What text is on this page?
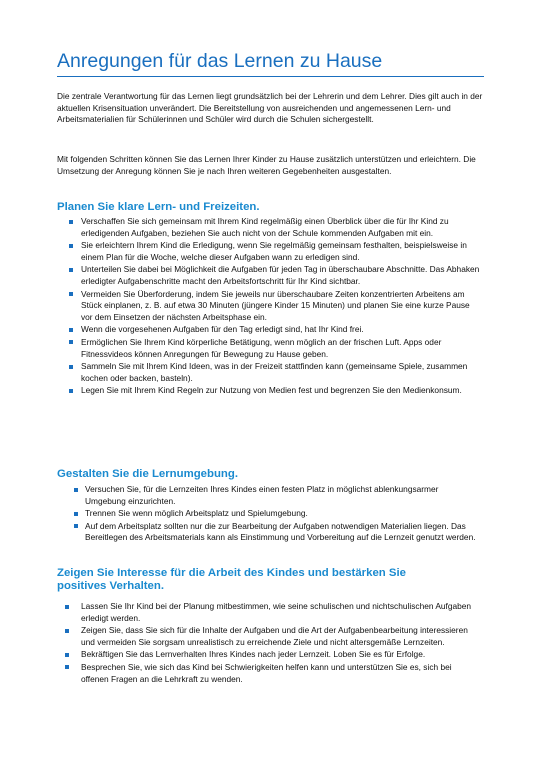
Anregungen für das Lernen zu Hause

Die zentrale Verantwortung für das Lernen liegt grundsätzlich bei der Lehrerin und dem Lehrer. Dies gilt auch in der aktuellen Krisensituation unverändert. Die Bereitstellung von ausreichenden und angemessenen Lern- und Arbeitsmaterialien für Schülerinnen und Schüler wird durch die Schulen sichergestellt.

Mit folgenden Schritten können Sie das Lernen Ihrer Kinder zu Hause zusätzlich unterstützen und erleichtern. Die Umsetzung der Anregung können Sie je nach Ihren weiteren Gegebenheiten ausgestalten.

Planen Sie klare Lern- und Freizeiten.
Verschaffen Sie sich gemeinsam mit Ihrem Kind regelmäßig einen Überblick über die für Ihr Kind zu erledigenden Aufgaben, beziehen Sie auch nicht von der Schule kommenden Aufgaben mit ein.
Sie erleichtern Ihrem Kind die Erledigung, wenn Sie regelmäßig gemeinsam festhalten, beispielsweise in einem Plan für die Woche, welche dieser Aufgaben wann zu erledigen sind.
Unterteilen Sie dabei bei Möglichkeit die Aufgaben für jeden Tag in überschaubare Abschnitte. Das Abhaken erledigter Aufgabenschritte macht den Arbeitsfortschritt für Ihr Kind sichtbar.
Vermeiden Sie Überforderung, indem Sie jeweils nur überschaubare Zeiten konzentrierten Arbeitens am Stück einplanen, z. B. auf etwa 30 Minuten (jüngere Kinder 15 Minuten) und planen Sie eine kurze Pause vor dem Einsetzen der nächsten Arbeitsphase ein.
Wenn die vorgesehenen Aufgaben für den Tag erledigt sind, hat Ihr Kind frei.
Ermöglichen Sie Ihrem Kind körperliche Betätigung, wenn möglich an der frischen Luft. Apps oder Fitnessvideos können Anregungen für Bewegung zu Hause geben.
Sammeln Sie mit Ihrem Kind Ideen, was in der Freizeit stattfinden kann (gemeinsame Spiele, zusammen kochen oder backen, basteln).
Legen Sie mit Ihrem Kind Regeln zur Nutzung von Medien fest und begrenzen Sie den Medienkonsum.
Gestalten Sie die Lernumgebung.
Versuchen Sie, für die Lernzeiten Ihres Kindes einen festen Platz in möglichst ablenkungsarmer Umgebung einzurichten.
Trennen Sie wenn möglich Arbeitsplatz und Spielumgebung.
Auf dem Arbeitsplatz sollten nur die zur Bearbeitung der Aufgaben notwendigen Materialien liegen. Das Bereitlegen des Arbeitsmaterials kann als Einstimmung und Vorbereitung auf die Lernzeit genutzt werden.
Zeigen Sie Interesse für die Arbeit des Kindes und bestärken Sie positives Verhalten.
Lassen Sie Ihr Kind bei der Planung mitbestimmen, wie seine schulischen und nichtschulischen Aufgaben erledigt werden.
Zeigen Sie, dass Sie sich für die Inhalte der Aufgaben und die Art der Aufgabenbearbeitung interessieren und vermeiden Sie sorgsam unrealistisch zu erreichende Ziele und nicht altersgemäße Lernzeiten.
Bekräftigen Sie das Lernverhalten Ihres Kindes nach jeder Lernzeit. Loben Sie es für Erfolge.
Besprechen Sie, wie sich das Kind bei Schwierigkeiten helfen kann und unterstützen Sie es, sich bei offenen Fragen an die Lehrkraft zu wenden.
